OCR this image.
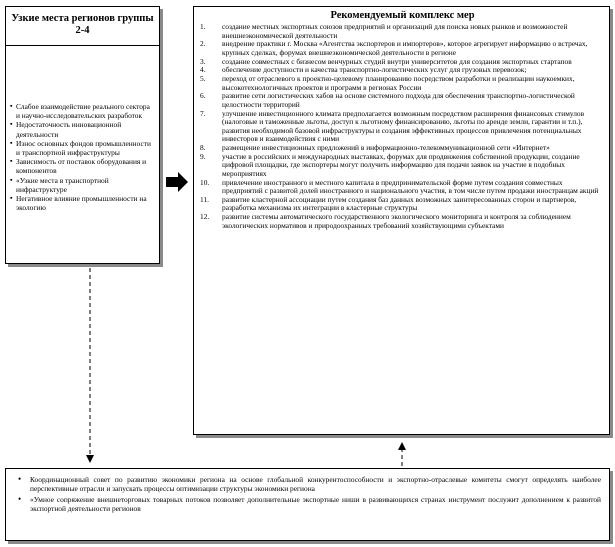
Узкие места регионов группы 2-4
▪ Слабое взаимодействие реального сектора и научно-исследовательских разработок
▪ Недостаточность инновационной деятельности
▪ Износ основных фондов промышленности и транспортной инфраструктуры
▪ Зависимость от поставок оборудования и компонентов
▪ «Узкие места в транспортной инфраструктуре
▪ Негативное влияние промышленности на экологию
Рекомендуемый комплекс мер
1.	создание местных экспортных союзов предприятий и организаций для поиска новых рынков и возможностей внешнеэкономической деятельности
2.	внедрение практики г. Москва «Агентства экспортеров и импортеров», которое агрегирует информацию о встречах, крупных сделках, форумах внешнеэкономической деятельности в регионе
3.	создание совместных с бизнесом венчурных студий внутри университетов для создания экспортных стартапов
4.	обеспечение доступности и качества транспортно-логистических услуг для грузовых перевозок;
5.	переход от отраслевого к проектно-целевому планированию посредством разработки и реализации наукоемких, высокотехнологичных проектов и программ в регионах России
6.	развитие сети логистических хабов на основе системного подхода для обеспечения транспортно-логистической целостности территорий
7.	улучшение инвестиционного климата предполагается возможным посредством расширения финансовых стимулов (налоговые и таможенные льготы, доступ к льготному финансированию, льготы по аренде земли, гарантии и т.п.), развития необходимой базовой инфраструктуры и создания эффективных процессов привлечения потенциальных инвесторов и взаимодействия с ними
8.	размещение инвестиционных предложений в информационно-телекоммуникационной сети «Интернет»
9.	участие в российских и международных выставках, форумах для продвижения собственной продукции, создание цифровой площадки, где экспортеры могут получить информацию для подачи заявок на участие в подобных мероприятиях
10.	привлечение иностранного и местного капитала в предпринимательской форме путем создания совместных предприятий с развитой долей иностранного и национального участия, в том числе путем продажи иностранцам акций
11.	развитие кластерной ассоциации путем создания баз данных возможных заинтересованных сторон и партнеров, разработка механизма их интеграции в кластерные структуры
12.	развитие системы автоматического государственного экологического мониторинга и контроля за соблюдением экологических нормативов и природоохранных требований хозяйствующими субъектами
• Координационный совет по развитию экономики региона на основе глобальной конкурентоспособности и экспортно-отраслевые комитеты смогут определять наиболее перспективные отрасли и запускать процессы оптимизации структуры экономики региона
• «Умное сопряжение внешнеторговых товарных потоков позволяет дополнительные экспортные ниши в развивающихся странах инструмент послужит дополнением к развитой экспортной деятельности регионов
